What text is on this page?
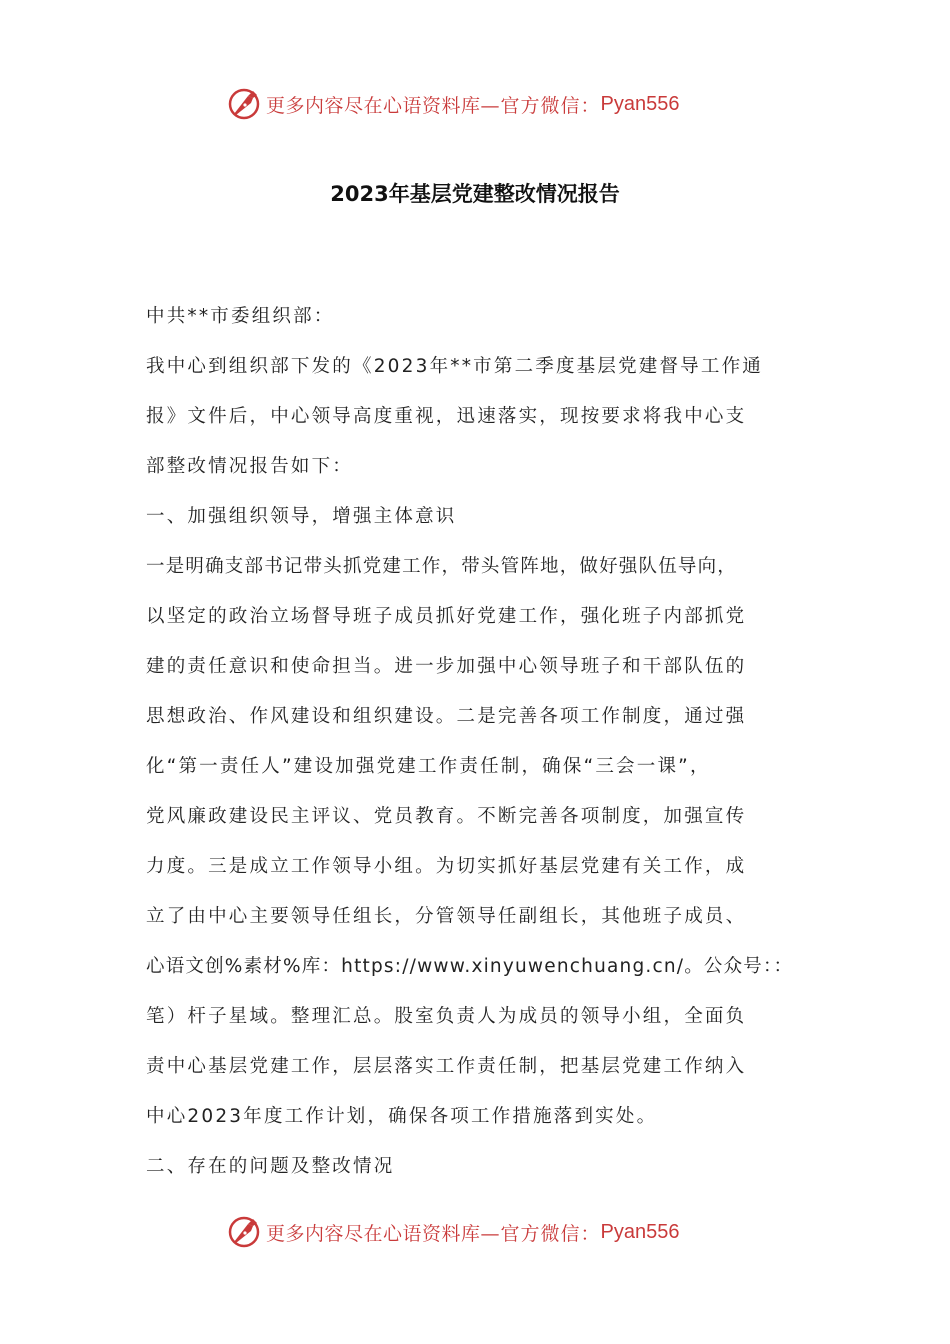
更多内容尽在心语资料库 —官方微信： Pyan556
2023年基层党建整改情况报告
中共**市委组织部：
我中心到组织部下发的《2023年**市第二季度基层党建督导工作通
报》文件后，中心领导高度重视，迅速落实，现按要求将我中心支
部整改情况报告如下：
一、加强组织领导，增强主体意识
一是明确支部书记带头抓党建工作，带头管阵地，做好强队伍导向，
以坚定的政治立场督导班子成员抓好党建工作，强化班子内部抓党
建的责任意识和使命担当。进一步加强中心领导班子和干部队伍的
思想政治、作风建设和组织建设。二是完善各项工作制度，通过强
化“第一责任人”建设加强党建工作责任制，确保“三会一课”，
党风廉政建设民主评议、党员教育。不断完善各项制度，加强宣传
力度。三是成立工作领导小组。为切实抓好基层党建有关工作，成
立了由中心主要领导任组长，分管领导任副组长，其他班子成员、
心语文创%素材%库：https://www.xinyuwenchuang.cn/。公众号：：
笔）杆子星域。整理汇总。股室负责人为成员的领导小组，全面负
责中心基层党建工作，层层落实工作责任制，把基层党建工作纳入
中心2023年度工作计划，确保各项工作措施落到实处。
二、存在的问题及整改情况
更多内容尽在心语资料库 —官方微信： Pyan556
